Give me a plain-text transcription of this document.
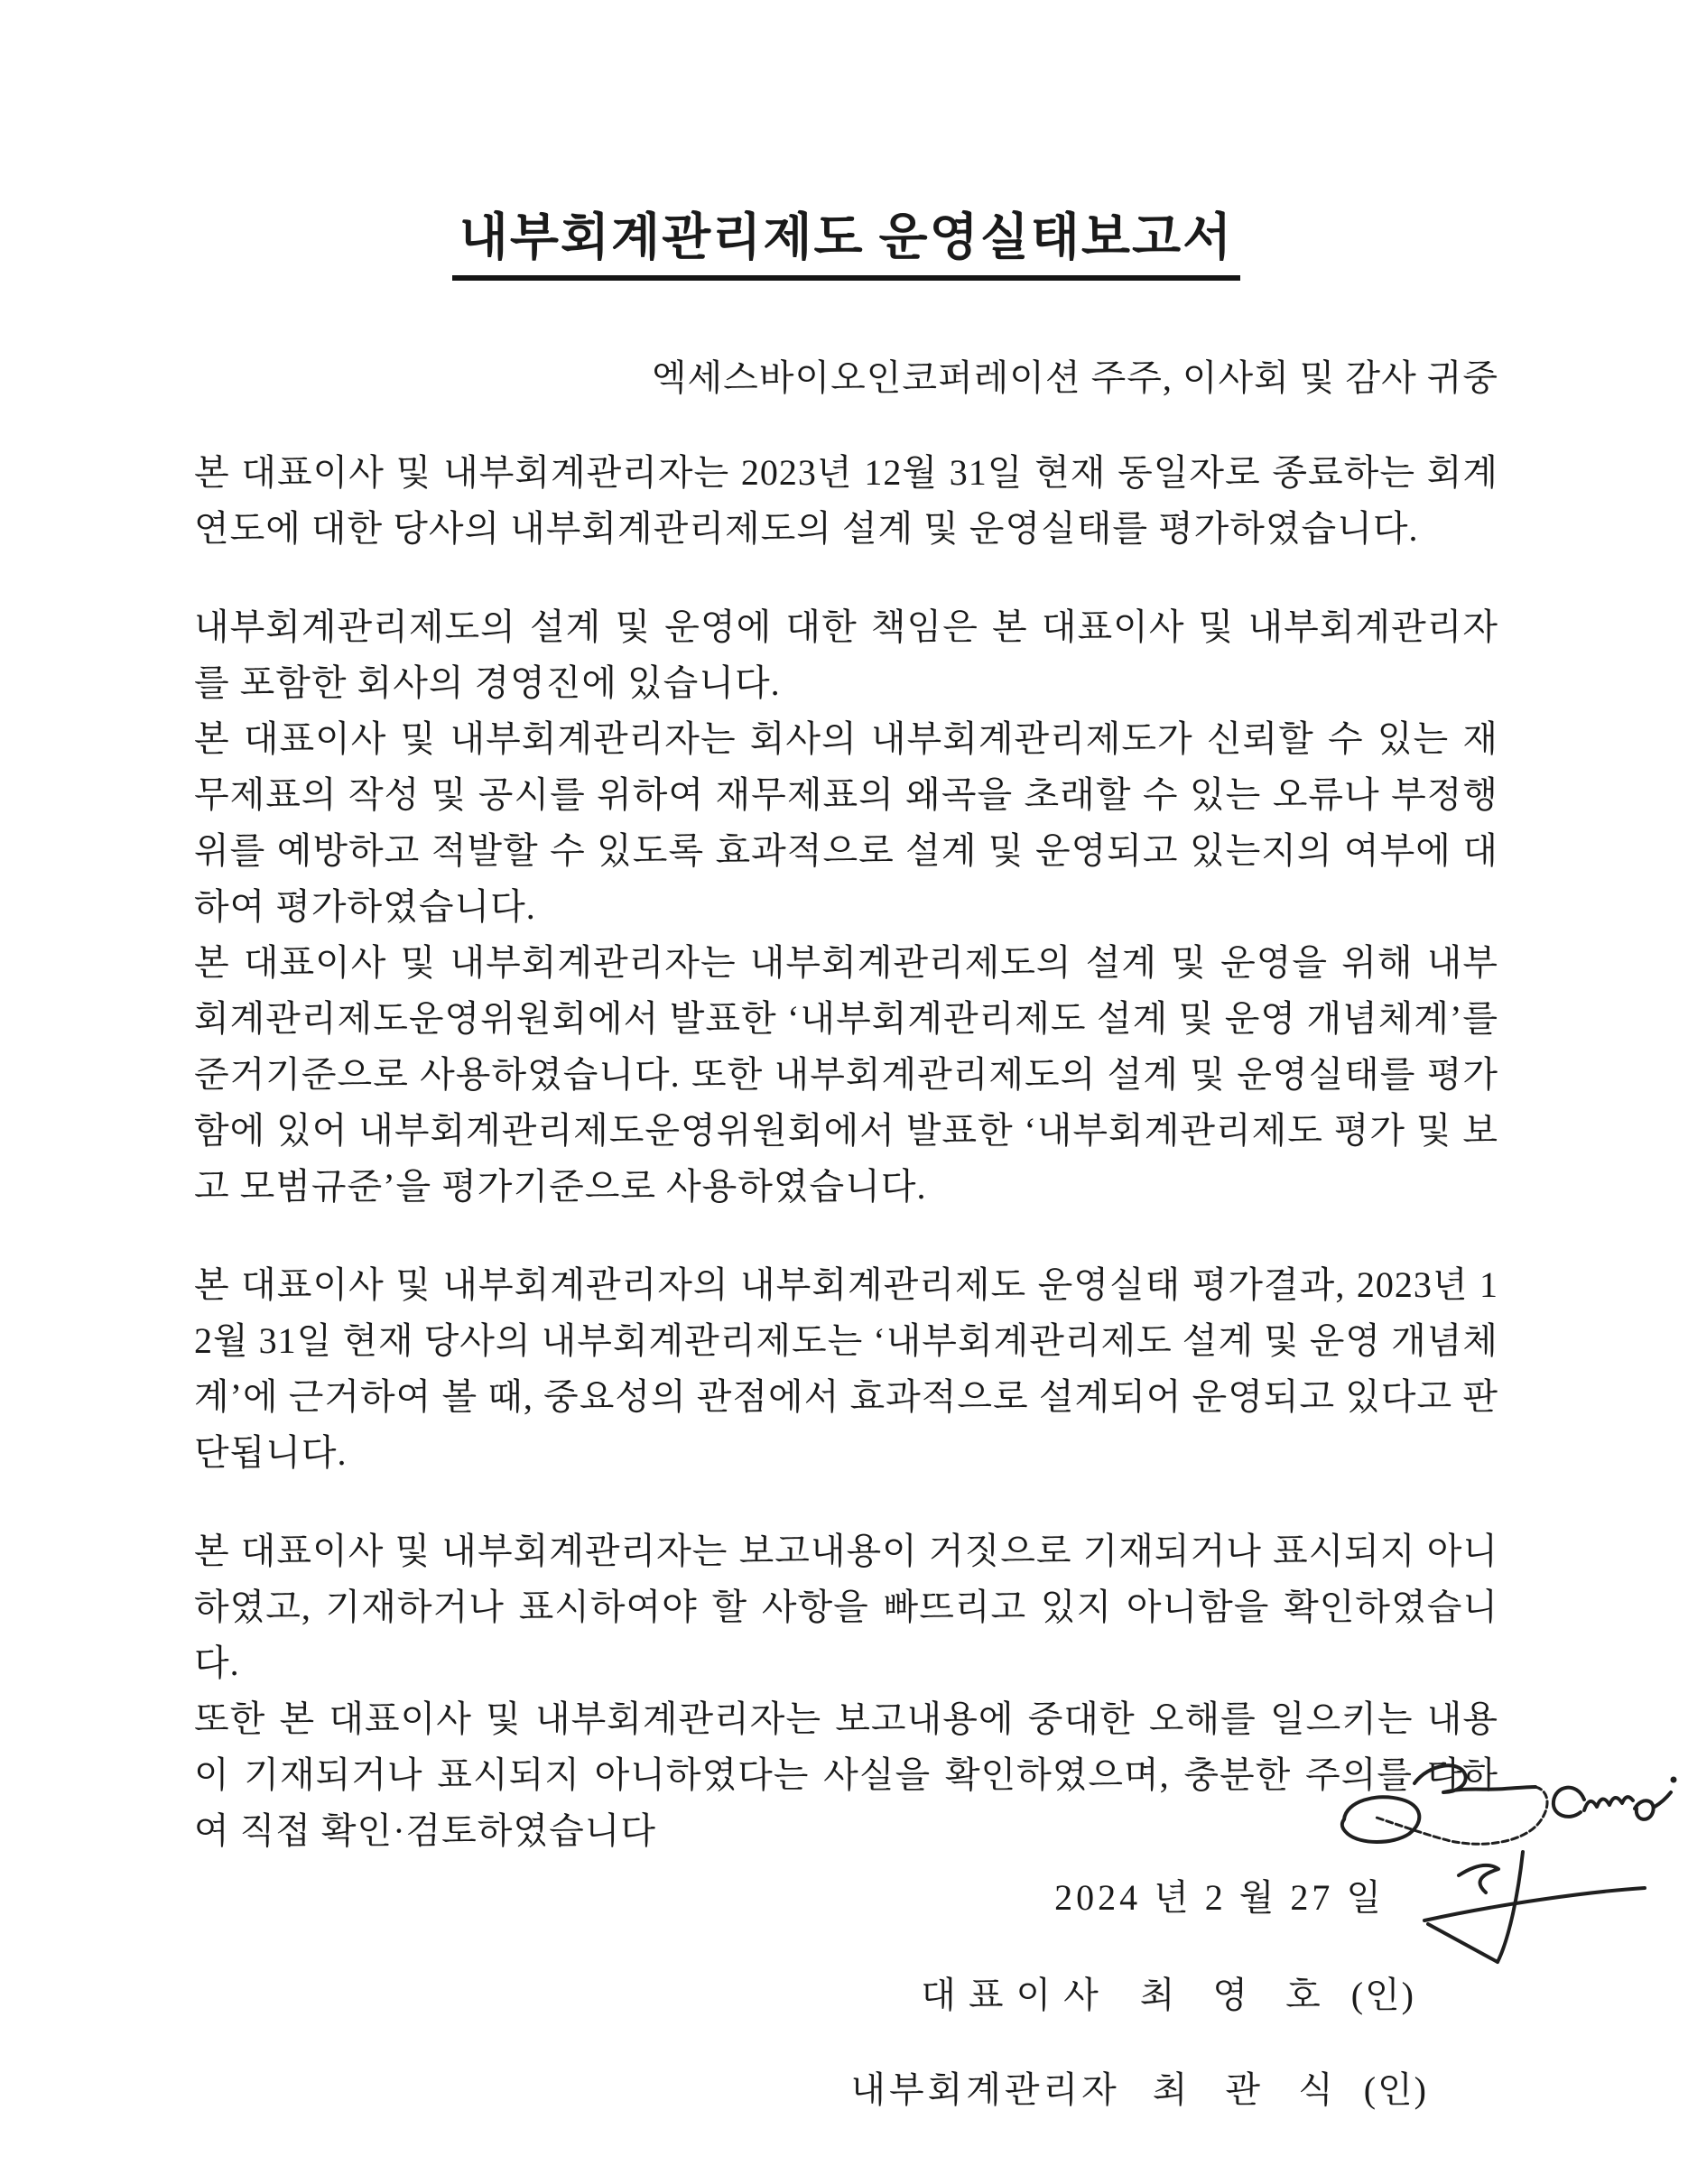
내부회계관리제도 운영실태보고서
엑세스바이오인코퍼레이션 주주, 이사회 및 감사 귀중

본 대표이사 및 내부회계관리자는 2023년 12월 31일 현재 동일자로 종료하는 회계연도에 대한 당사의 내부회계관리제도의 설계 및 운영실태를 평가하였습니다.

내부회계관리제도의 설계 및 운영에 대한 책임은 본 대표이사 및 내부회계관리자를 포함한 회사의 경영진에 있습니다.

본 대표이사 및 내부회계관리자는 회사의 내부회계관리제도가 신뢰할 수 있는 재무제표의 작성 및 공시를 위하여 재무제표의 왜곡을 초래할 수 있는 오류나 부정행위를 예방하고 적발할 수 있도록 효과적으로 설계 및 운영되고 있는지의 여부에 대하여 평가하였습니다.

본 대표이사 및 내부회계관리자는 내부회계관리제도의 설계 및 운영을 위해 내부회계관리제도운영위원회에서 발표한 ‘내부회계관리제도 설계 및 운영 개념체계’를 준거기준으로 사용하였습니다. 또한 내부회계관리제도의 설계 및 운영실태를 평가함에 있어 내부회계관리제도운영위원회에서 발표한 ‘내부회계관리제도 평가 및 보고 모범규준’을 평가기준으로 사용하였습니다.

본 대표이사 및 내부회계관리자의 내부회계관리제도 운영실태 평가결과, 2023년 12월 31일 현재 당사의 내부회계관리제도는 ‘내부회계관리제도 설계 및 운영 개념체계’에 근거하여 볼 때, 중요성의 관점에서 효과적으로 설계되어 운영되고 있다고 판단됩니다.

본 대표이사 및 내부회계관리자는 보고내용이 거짓으로 기재되거나 표시되지 아니하였고, 기재하거나 표시하여야 할 사항을 빠뜨리고 있지 아니함을 확인하였습니다.

또한 본 대표이사 및 내부회계관리자는 보고내용에 중대한 오해를 일으키는 내용이 기재되거나 표시되지 아니하였다는 사실을 확인하였으며, 충분한 주의를 다하여 직접 확인·검토하였습니다

2024 년 2 월 27 일
대표이사 최 영 호 (인)
내부회계관리자 최 관 식 (인)
